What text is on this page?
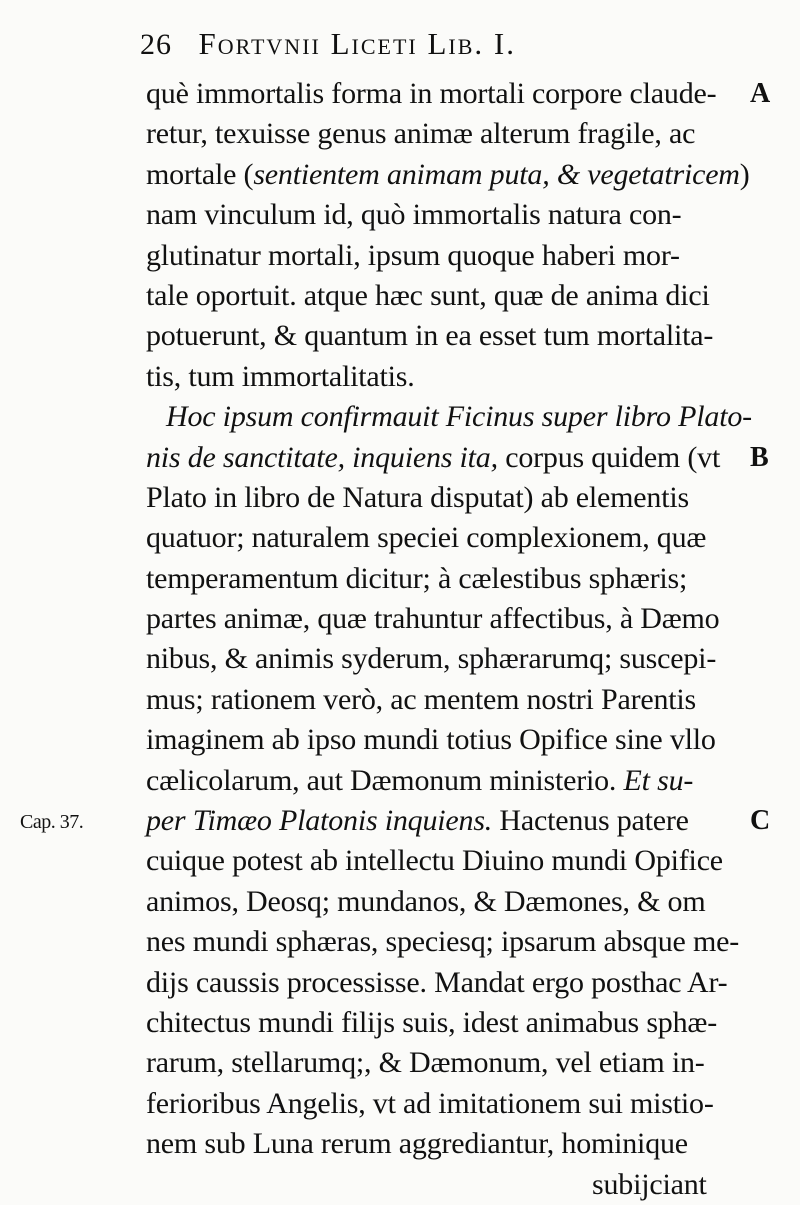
26 Fortvnii Liceti Lib. I.
què immortalis forma in mortali corpore claude-
retur, texuisse genus animæ alterum fragile, ac
mortale (sentientem animam puta, & vegetatricem)
nam vinculum id, quò immortalis natura con-
glutinatur mortali, ipsum quoque haberi mor-
tale oportuit. atque hæc sunt, quæ de anima dici
potuerunt, & quantum in ea esset tum mortalita-
tis, tum immortalitatis.
Hoc ipsum confirmauit Ficinus super libro Plato-
nis de sanctitate, inquiens ita, corpus quidem (vt
Plato in libro de Natura disputat) ab elementis
quatuor; naturalem speciei complexionem, quæ
temperamentum dicitur; à cælestibus sphæris;
partes animæ, quæ trahuntur affectibus, à Dæmo
nibus, & animis syderum, sphærarumq; suscepi-
mus; rationem verò, ac mentem nostri Parentis
imaginem ab ipso mundi totius Opifice sine vllo
cælicolarum, aut Dæmonum ministerio. Et su-
per Timæo Platonis inquiens. Hactenus patere
cuique potest ab intellectu Diuino mundi Opifice
animos, Deosq; mundanos, & Dæmones, & om
nes mundi sphæras, speciesq; ipsarum absque me-
dijs caussis processisse. Mandat ergo posthac Ar-
chitectus mundi filijs suis, idest animabus sphæ-
rarum, stellarumq;, & Dæmonum, vel etiam in-
ferioribus Angelis, vt ad imitationem sui mistio-
nem sub Luna rerum aggrediantur, hominique
subijciant
A
B
C
Cap. 37.
